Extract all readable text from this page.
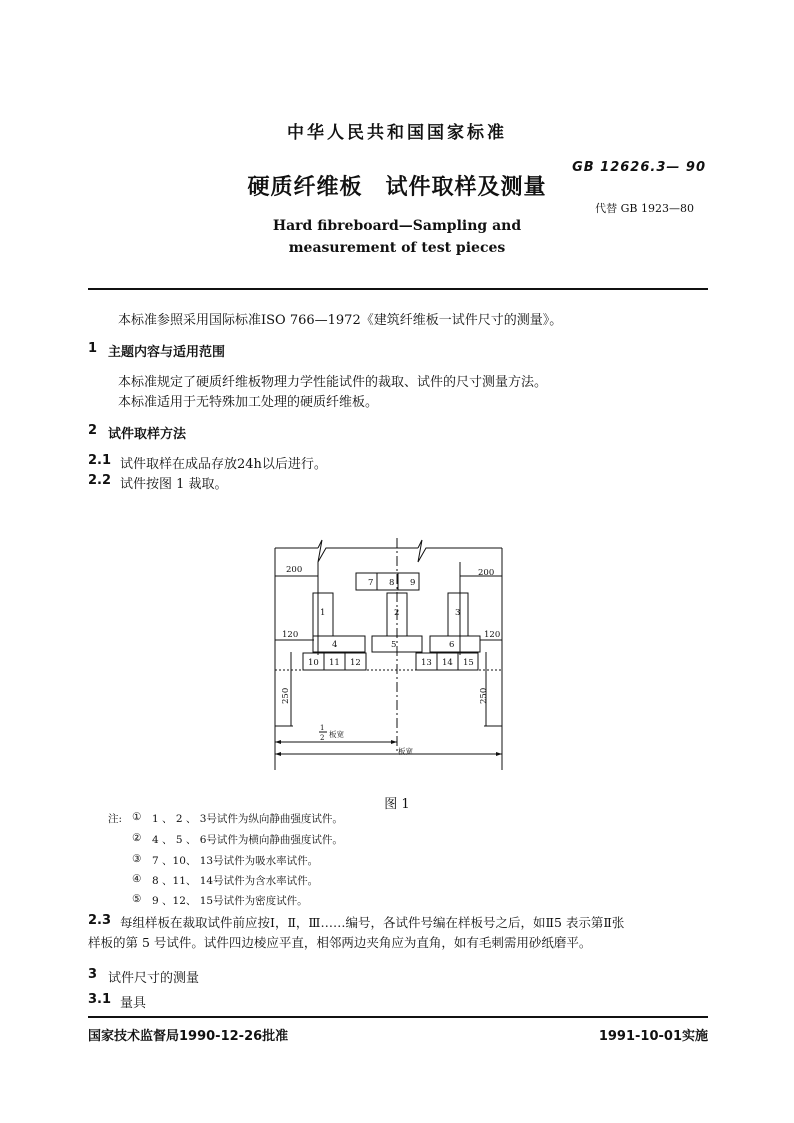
中华人民共和国国家标准
GB 12626.3— 90
硬质纤维板　试件取样及测量
代替 GB 1923—80
Hard fibreboard—Sampling and
measurement of test pieces
本标准参照采用国际标准ISO 766—1972《建筑纤维板一试件尺寸的测量》。
1 主题内容与适用范围
本标准规定了硬质纤维板物理力学性能试件的裁取、试件的尺寸测量方法。
本标准适用于无特殊加工处理的硬质纤维板。
2 试件取样方法
2.1 试件取样在成品存放24h以后进行。
2.2 试件按图 1 裁取。
200	200
120	120
250	250
1
2 板宽
板宽
7 8 9
1	2	3
4	5	6
10 11 12	13 14 15
图 1
注: ① 1 、 2 、 3号试件为纵向静曲强度试件。
② 4 、 5 、 6号试件为横向静曲强度试件。
③ 7 、10、 13号试件为吸水率试件。
④ 8 、11、 14号试件为含水率试件。
⑤ 9 、12、 15号试件为密度试件。
2.3 每组样板在裁取试件前应按Ⅰ，Ⅱ，Ⅲ……编号，各试件号编在样板号之后，如Ⅱ5 表示第Ⅱ张
样板的第 5 号试件。试件四边棱应平直，相邻两边夹角应为直角，如有毛刺需用砂纸磨平。
3 试件尺寸的测量
3.1 量具
国家技术监督局1990-12-26批准	1991-10-01实施
